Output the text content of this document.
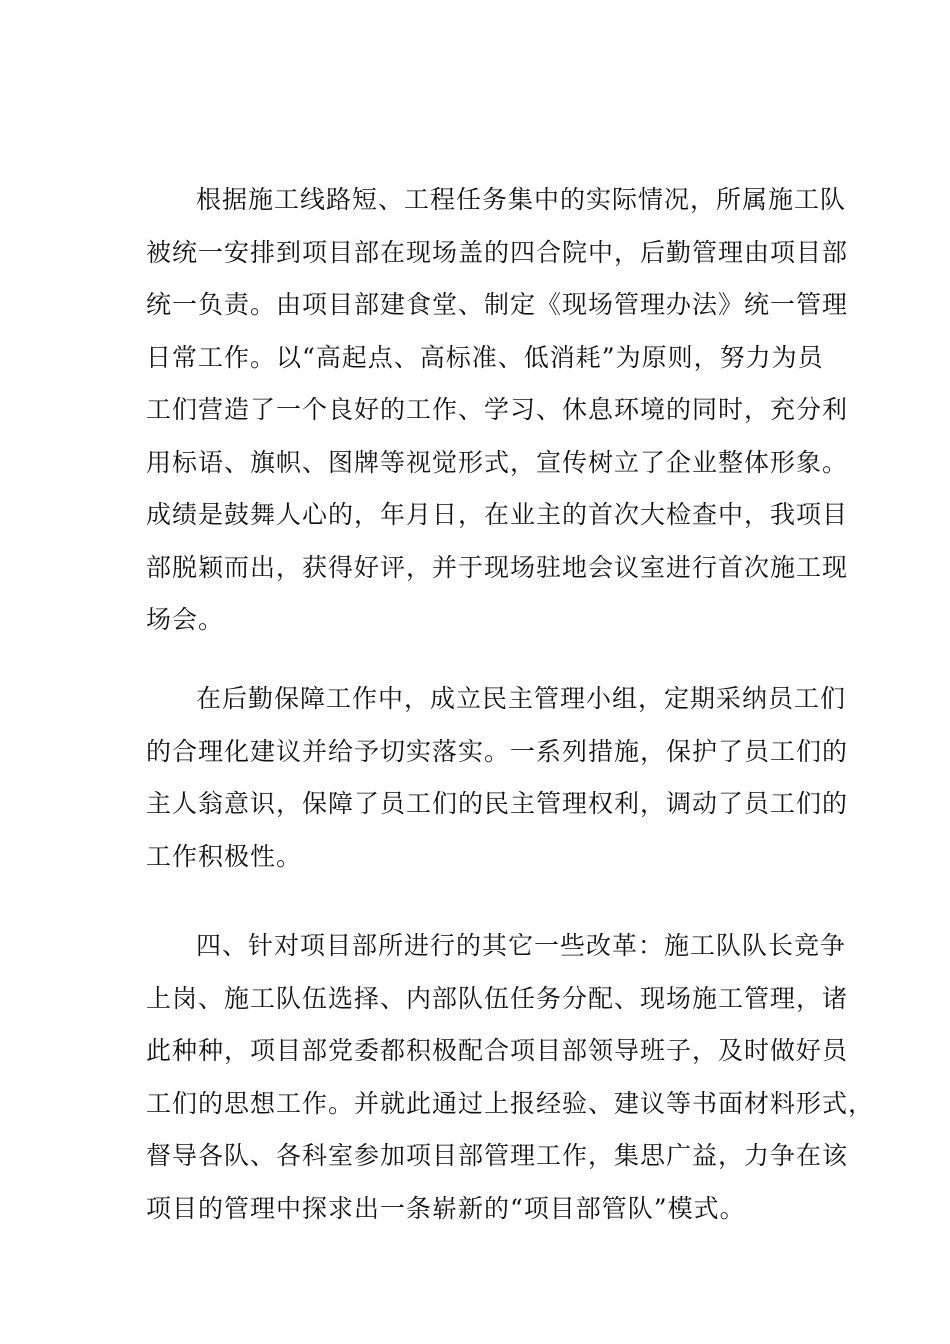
根据施工线路短、工程任务集中的实际情况，所属施工队
被统一安排到项目部在现场盖的四合院中，后勤管理由项目部
统一负责。由项目部建食堂、制定《现场管理办法》统一管理
日常工作。以“高起点、高标准、低消耗”为原则，努力为员
工们营造了一个良好的工作、学习、休息环境的同时，充分利
用标语、旗帜、图牌等视觉形式，宣传树立了企业整体形象。
成绩是鼓舞人心的，年月日，在业主的首次大检查中，我项目
部脱颖而出，获得好评，并于现场驻地会议室进行首次施工现
场会。

在后勤保障工作中，成立民主管理小组，定期采纳员工们
的合理化建议并给予切实落实。一系列措施，保护了员工们的
主人翁意识，保障了员工们的民主管理权利，调动了员工们的
工作积极性。

四、针对项目部所进行的其它一些改革：施工队队长竞争
上岗、施工队伍选择、内部队伍任务分配、现场施工管理，诸
此种种，项目部党委都积极配合项目部领导班子，及时做好员
工们的思想工作。并就此通过上报经验、建议等书面材料形式，
督导各队、各科室参加项目部管理工作，集思广益，力争在该
项目的管理中探求出一条崭新的“项目部管队”模式。
